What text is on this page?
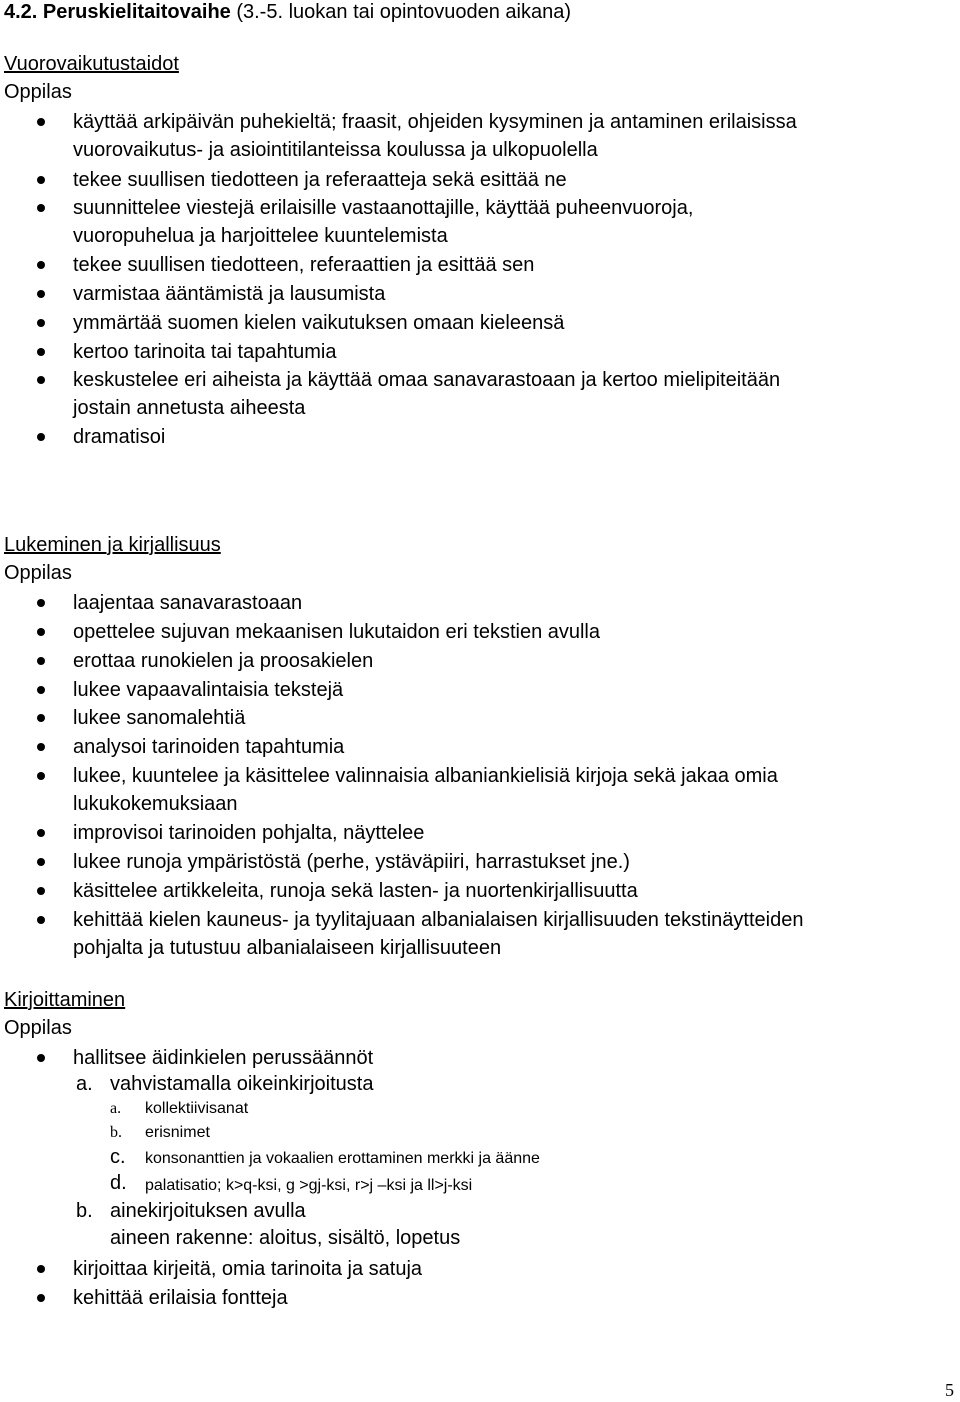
4.2. Peruskielitaitovaihe (3.-5. luokan tai opintovuoden aikana)
Vuorovaikutustaidot
Oppilas
käyttää arkipäivän puhekieltä; fraasit, ohjeiden kysyminen ja antaminen erilaisissa
vuorovaikutus- ja asiointitilanteissa koulussa ja ulkopuolella
tekee suullisen tiedotteen ja referaatteja sekä esittää ne
suunnittelee viestejä erilaisille vastaanottajille, käyttää puheenvuoroja,
vuoropuhelua ja harjoittelee kuuntelemista
tekee suullisen tiedotteen, referaattien ja esittää sen
varmistaa ääntämistä ja lausumista
ymmärtää suomen kielen vaikutuksen omaan kieleensä
kertoo tarinoita tai tapahtumia
keskustelee eri aiheista ja käyttää omaa sanavarastoaan ja kertoo mielipiteitään
jostain annetusta aiheesta
dramatisoi
Lukeminen ja kirjallisuus
Oppilas
laajentaa sanavarastoaan
opettelee sujuvan mekaanisen lukutaidon eri tekstien avulla
erottaa runokielen ja proosakielen
lukee vapaavalintaisia tekstejä
lukee sanomalehtiä
analysoi tarinoiden tapahtumia
lukee, kuuntelee ja käsittelee valinnaisia albaniankielisiä kirjoja sekä jakaa omia
lukukokemuksiaan
improvisoi tarinoiden pohjalta, näyttelee
lukee runoja ympäristöstä (perhe, ystäväpiiri, harrastukset jne.)
käsittelee artikkeleita, runoja sekä lasten- ja nuortenkirjallisuutta
kehittää kielen kauneus- ja tyylitajuaan albanialaisen kirjallisuuden tekstinäytteiden
pohjalta ja tutustuu albanialaiseen kirjallisuuteen
Kirjoittaminen
Oppilas
hallitsee äidinkielen perussäännöt
a. vahvistamalla oikeinkirjoitusta
a. kollektiivisanat
b. erisnimet
c. konsonanttien ja vokaalien erottaminen merkki ja äänne
d. palatisatio; k>q-ksi, g >gj-ksi, r>j –ksi ja ll>j-ksi
b. ainekirjoituksen avulla
aineen rakenne: aloitus, sisältö, lopetus
kirjoittaa kirjeitä, omia tarinoita ja satuja
kehittää erilaisia fontteja
5
